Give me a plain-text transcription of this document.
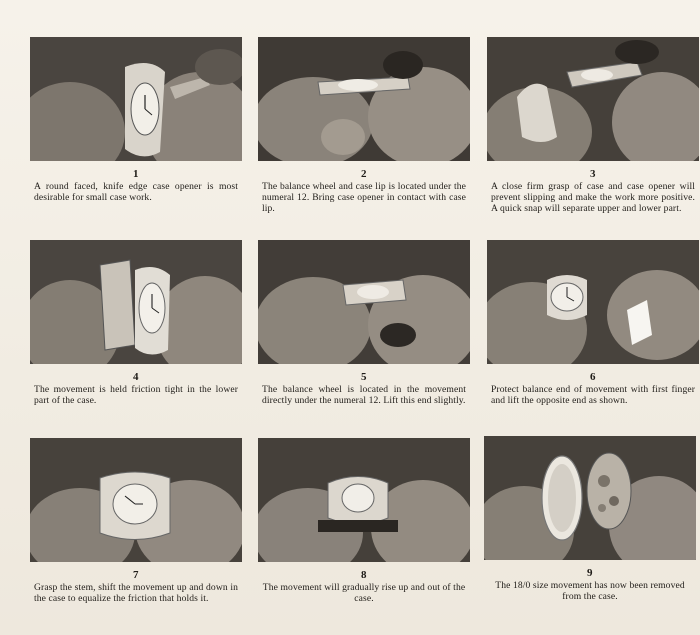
1
A round faced, knife edge case opener is most desirable for small case work.
2
The balance wheel and case lip is located under the numeral 12. Bring case opener in contact with case lip.
3
A close firm grasp of case and case opener will prevent slipping and make the work more positive. A quick snap will separate upper and lower part.
4
The movement is held friction tight in the lower part of the case.
5
The balance wheel is located in the movement directly under the numeral 12. Lift this end slightly.
6
Protect balance end of movement with first finger and lift the opposite end as shown.
7
Grasp the stem, shift the movement up and down in the case to equalize the friction that holds it.
8
The movement will gradually rise up and out of the case.
9
The 18/0 size movement has now been removed from the case.
